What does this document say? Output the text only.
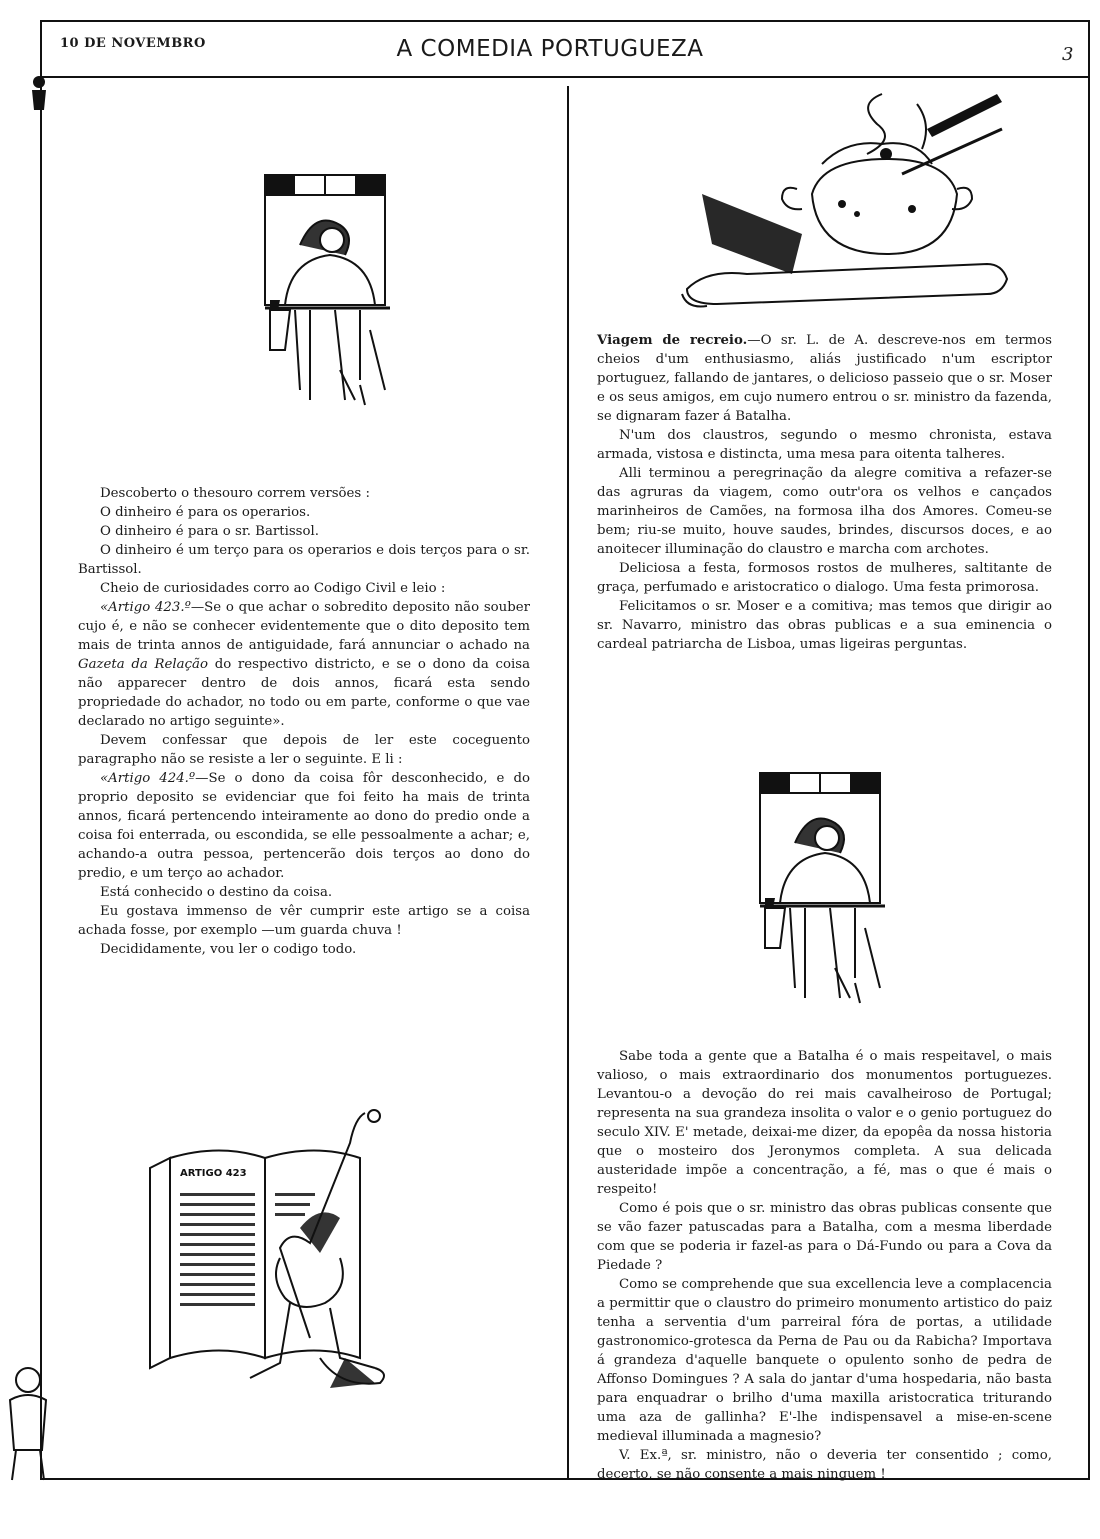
10 DE NOVEMBRO	A COMEDIA PORTUGUEZA	3

Descoberto o thesouro correm versões :

O dinheiro é para os operarios.

O dinheiro é para o sr. Bartissol.

O dinheiro é um terço para os operarios e dois terços para o sr. Bartissol.

Cheio de curiosidades corro ao Codigo Civil e leio :

«Artigo 423.º—Se o que achar o sobredito deposito não souber cujo é, e não se conhecer evidentemente que o dito deposito tem mais de trinta annos de antiguidade, fará annunciar o achado na Gazeta da Relação do respectivo districto, e se o dono da coisa não apparecer dentro de dois annos, ficará esta sendo propriedade do achador, no todo ou em parte, conforme o que vae declarado no artigo seguinte».

Devem confessar que depois de ler este coceguento paragrapho não se resiste a ler o seguinte. E li :

«Artigo 424.º—Se o dono da coisa fôr desconhecido, e do proprio deposito se evidenciar que foi feito ha mais de trinta annos, ficará pertencendo inteiramente ao dono do predio onde a coisa foi enterrada, ou escondida, se elle pessoalmente a achar; e, achando-a outra pessoa, pertencerão dois terços ao dono do predio, e um terço ao achador.

Está conhecido o destino da coisa.

Eu gostava immenso de vêr cumprir este artigo se a coisa achada fosse, por exemplo —um guarda chuva !

Decididamente, vou ler o codigo todo.

ARTIGO 423

Viagem de recreio.—O sr. L. de A. descreve-nos em termos cheios d'um enthusiasmo, aliás justificado n'um escriptor portuguez, fallando de jantares, o delicioso passeio que o sr. Moser e os seus amigos, em cujo numero entrou o sr. ministro da fazenda, se dignaram fazer á Batalha.

N'um dos claustros, segundo o mesmo chronista, estava armada, vistosa e distincta, uma mesa para oitenta talheres.

Alli terminou a peregrinação da alegre comitiva a refazer-se das agruras da viagem, como outr'ora os velhos e cançados marinheiros de Camões, na formosa ilha dos Amores. Comeu-se bem; riu-se muito, houve saudes, brindes, discursos doces, e ao anoitecer illuminação do claustro e marcha com archotes.

Deliciosa a festa, formosos rostos de mulheres, saltitante de graça, perfumado e aristocratico o dialogo. Uma festa primorosa.

Felicitamos o sr. Moser e a comitiva; mas temos que dirigir ao sr. Navarro, ministro das obras publicas e a sua eminencia o cardeal patriarcha de Lisboa, umas ligeiras perguntas.

Sabe toda a gente que a Batalha é o mais respeitavel, o mais valioso, o mais extraordinario dos monumentos portuguezes. Levantou-o a devoção do rei mais cavalheiroso de Portugal; representa na sua grandeza insolita o valor e o genio portuguez do seculo XIV. E' metade, deixai-me dizer, da epopêa da nossa historia que o mosteiro dos Jeronymos completa. A sua delicada austeridade impõe a concentração, a fé, mas o que é mais o respeito!

Como é pois que o sr. ministro das obras publicas consente que se vão fazer patuscadas para a Batalha, com a mesma liberdade com que se poderia ir fazel-as para o Dá-Fundo ou para a Cova da Piedade ?

Como se comprehende que sua excellencia leve a complacencia a permittir que o claustro do primeiro monumento artistico do paiz tenha a serventia d'um parreiral fóra de portas, a utilidade gastronomico-grotesca da Perna de Pau ou da Rabicha? Importava á grandeza d'aquelle banquete o opulento sonho de pedra de Affonso Domingues ? A sala do jantar d'uma hospedaria, não basta para enquadrar o brilho d'uma maxilla aristocratica triturando uma aza de gallinha? E'-lhe indispensavel a mise-en-scene medieval illuminada a magnesio?

V. Ex.ª, sr. ministro, não o deveria ter consentido ; como, decerto, se não consente a mais ninguem !
